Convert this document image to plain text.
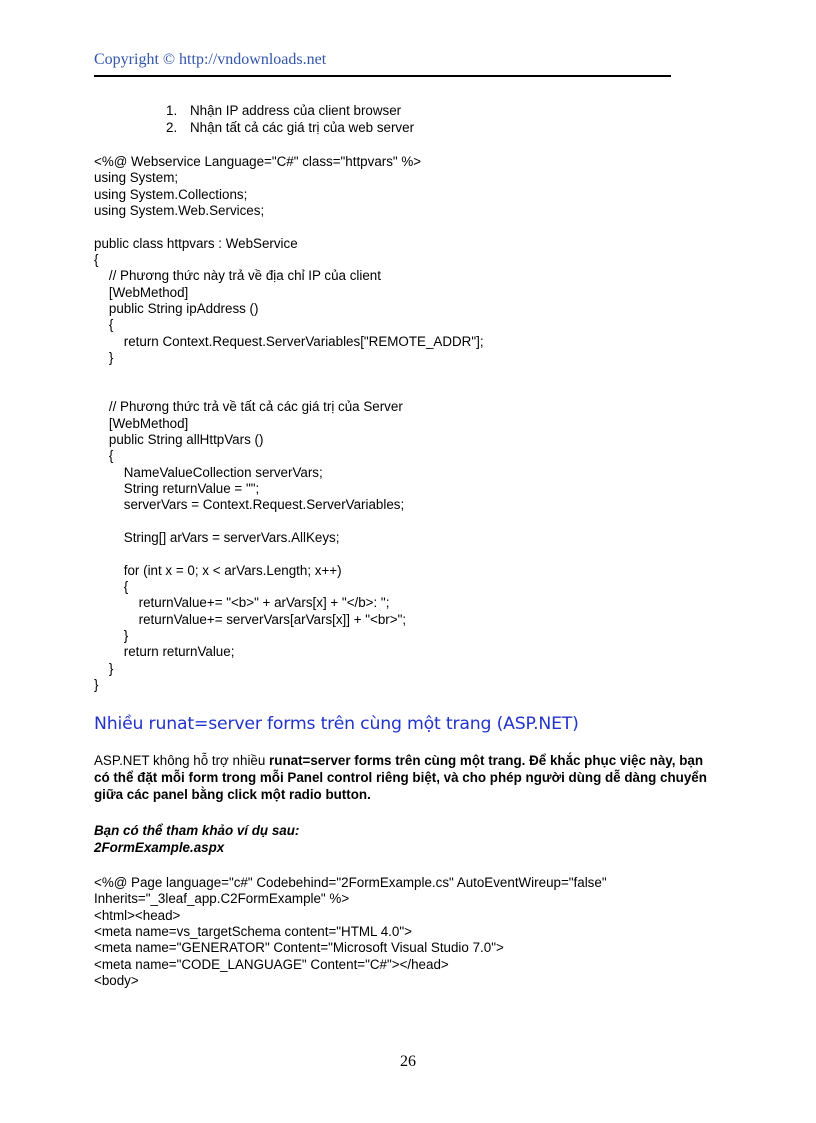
Copyright © http://vndownloads.net
1. Nhận IP address của client browser
2. Nhận tất cả các giá trị của web server
<%@ Webservice Language="C#" class="httpvars" %>
using System;
using System.Collections;
using System.Web.Services;

public class httpvars : WebService
{
// Phương thức này trả về địa chỉ IP của client
[WebMethod]
public String ipAddress ()
{
return Context.Request.ServerVariables["REMOTE_ADDR"];
}

// Phương thức trả về tất cả các giá trị của Server
[WebMethod]
public String allHttpVars ()
{
NameValueCollection serverVars;
String returnValue = "";
serverVars = Context.Request.ServerVariables;

String[] arVars = serverVars.AllKeys;

for (int x = 0; x < arVars.Length; x++)
{
returnValue+= "<b>" + arVars[x] + "</b>: ";
returnValue+= serverVars[arVars[x]] + "<br>";
}
return returnValue;
}
}
Nhiều runat=server forms trên cùng một trang (ASP.NET)
ASP.NET không hỗ trợ nhiều runat=server forms trên cùng một trang. Để khắc phục việc này, bạn có thể đặt mỗi form trong mỗi Panel control riêng biệt, và cho phép người dùng dễ dàng chuyển giữa các panel bằng click một radio button.
Bạn có thể tham khảo ví dụ sau:
2FormExample.aspx
<%@ Page language="c#" Codebehind="2FormExample.cs" AutoEventWireup="false"
Inherits="_3leaf_app.C2FormExample" %>
<html><head>
<meta name=vs_targetSchema content="HTML 4.0">
<meta name="GENERATOR" Content="Microsoft Visual Studio 7.0">
<meta name="CODE_LANGUAGE" Content="C#"></head>
<body>
26
